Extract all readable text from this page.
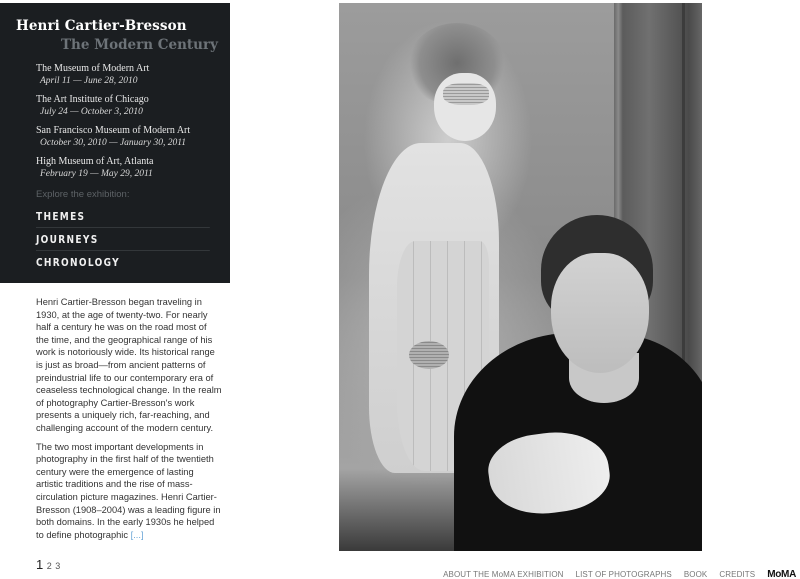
Henri Cartier-Bresson
The Modern Century
The Museum of Modern Art
April 11 — June 28, 2010
The Art Institute of Chicago
July 24 — October 3, 2010
San Francisco Museum of Modern Art
October 30, 2010 — January 30, 2011
High Museum of Art, Atlanta
February 19 — May 29, 2011
Explore the exhibition:
THEMES
JOURNEYS
CHRONOLOGY

Henri Cartier-Bresson began traveling in 1930, at the age of twenty-two. For nearly half a century he was on the road most of the time, and the geographical range of his work is notoriously wide. Its historical range is just as broad—from ancient patterns of preindustrial life to our contemporary era of ceaseless technological change. In the realm of photography Cartier-Bresson's work presents a uniquely rich, far-reaching, and challenging account of the modern century.

The two most important developments in photography in the first half of the twentieth century were the emergence of lasting artistic traditions and the rise of mass-circulation picture magazines. Henri Cartier-Bresson (1908–2004) was a leading figure in both domains. In the early 1930s he helped to define photographic [...]

1 2 3
ABOUT THE MoMA EXHIBITION LIST OF PHOTOGRAPHS BOOK CREDITS MoMA
